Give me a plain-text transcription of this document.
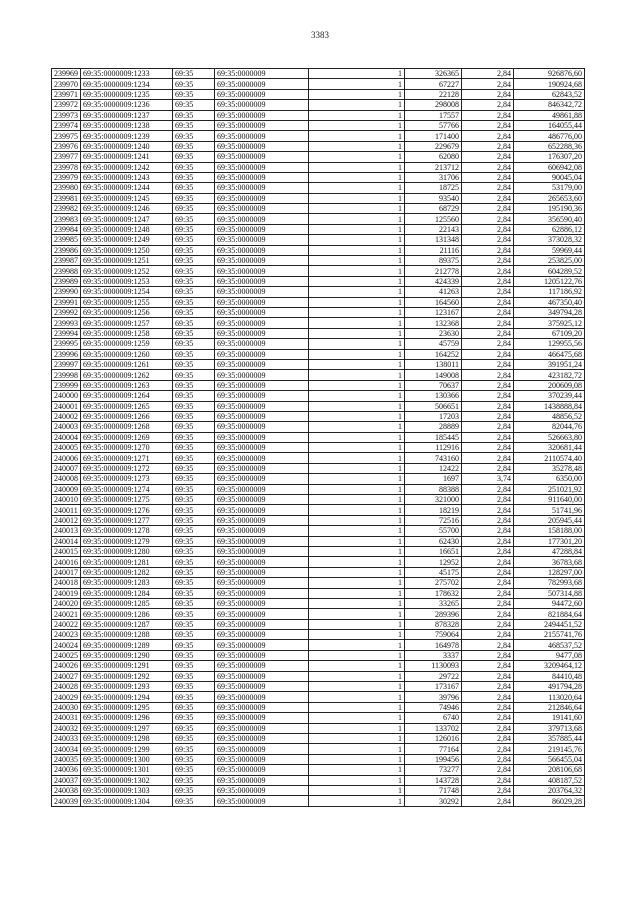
3383
239969	69:35:0000009:1233	69:35	69:35:0000009	1	326365	2,84	926876,60
239970	69:35:0000009:1234	69:35	69:35:0000009	1	67227	2,84	190924,68
239971	69:35:0000009:1235	69:35	69:35:0000009	1	22128	2,84	62843,52
239972	69:35:0000009:1236	69:35	69:35:0000009	1	298008	2,84	846342,72
239973	69:35:0000009:1237	69:35	69:35:0000009	1	17557	2,84	49861,88
239974	69:35:0000009:1238	69:35	69:35:0000009	1	57766	2,84	164055,44
239975	69:35:0000009:1239	69:35	69:35:0000009	1	171400	2,84	486776,00
239976	69:35:0000009:1240	69:35	69:35:0000009	1	229679	2,84	652288,36
239977	69:35:0000009:1241	69:35	69:35:0000009	1	62080	2,84	176307,20
239978	69:35:0000009:1242	69:35	69:35:0000009	1	213712	2,84	606942,08
239979	69:35:0000009:1243	69:35	69:35:0000009	1	31706	2,84	90045,04
239980	69:35:0000009:1244	69:35	69:35:0000009	1	18725	2,84	53179,00
239981	69:35:0000009:1245	69:35	69:35:0000009	1	93540	2,84	265653,60
239982	69:35:0000009:1246	69:35	69:35:0000009	1	68729	2,84	195190,36
239983	69:35:0000009:1247	69:35	69:35:0000009	1	125560	2,84	356590,40
239984	69:35:0000009:1248	69:35	69:35:0000009	1	22143	2,84	62886,12
239985	69:35:0000009:1249	69:35	69:35:0000009	1	131348	2,84	373028,32
239986	69:35:0000009:1250	69:35	69:35:0000009	1	21116	2,84	59969,44
239987	69:35:0000009:1251	69:35	69:35:0000009	1	89375	2,84	253825,00
239988	69:35:0000009:1252	69:35	69:35:0000009	1	212778	2,84	604289,52
239989	69:35:0000009:1253	69:35	69:35:0000009	1	424339	2,84	1205122,76
239990	69:35:0000009:1254	69:35	69:35:0000009	1	41263	2,84	117186,92
239991	69:35:0000009:1255	69:35	69:35:0000009	1	164560	2,84	467350,40
239992	69:35:0000009:1256	69:35	69:35:0000009	1	123167	2,84	349794,28
239993	69:35:0000009:1257	69:35	69:35:0000009	1	132368	2,84	375925,12
239994	69:35:0000009:1258	69:35	69:35:0000009	1	23630	2,84	67109,20
239995	69:35:0000009:1259	69:35	69:35:0000009	1	45759	2,84	129955,56
239996	69:35:0000009:1260	69:35	69:35:0000009	1	164252	2,84	466475,68
239997	69:35:0000009:1261	69:35	69:35:0000009	1	138011	2,84	391951,24
239998	69:35:0000009:1262	69:35	69:35:0000009	1	149008	2,84	423182,72
239999	69:35:0000009:1263	69:35	69:35:0000009	1	70637	2,84	200609,08
240000	69:35:0000009:1264	69:35	69:35:0000009	1	130366	2,84	370239,44
240001	69:35:0000009:1265	69:35	69:35:0000009	1	506651	2,84	1438888,84
240002	69:35:0000009:1266	69:35	69:35:0000009	1	17203	2,84	48856,52
240003	69:35:0000009:1268	69:35	69:35:0000009	1	28889	2,84	82044,76
240004	69:35:0000009:1269	69:35	69:35:0000009	1	185445	2,84	526663,80
240005	69:35:0000009:1270	69:35	69:35:0000009	1	112916	2,84	320681,44
240006	69:35:0000009:1271	69:35	69:35:0000009	1	743160	2,84	2110574,40
240007	69:35:0000009:1272	69:35	69:35:0000009	1	12422	2,84	35278,48
240008	69:35:0000009:1273	69:35	69:35:0000009	1	1697	3,74	6350,00
240009	69:35:0000009:1274	69:35	69:35:0000009	1	88388	2,84	251021,92
240010	69:35:0000009:1275	69:35	69:35:0000009	1	321000	2,84	911640,00
240011	69:35:0000009:1276	69:35	69:35:0000009	1	18219	2,84	51741,96
240012	69:35:0000009:1277	69:35	69:35:0000009	1	72516	2,84	205945,44
240013	69:35:0000009:1278	69:35	69:35:0000009	1	55700	2,84	158188,00
240014	69:35:0000009:1279	69:35	69:35:0000009	1	62430	2,84	177301,20
240015	69:35:0000009:1280	69:35	69:35:0000009	1	16651	2,84	47288,84
240016	69:35:0000009:1281	69:35	69:35:0000009	1	12952	2,84	36783,68
240017	69:35:0000009:1282	69:35	69:35:0000009	1	45175	2,84	128297,00
240018	69:35:0000009:1283	69:35	69:35:0000009	1	275702	2,84	782993,68
240019	69:35:0000009:1284	69:35	69:35:0000009	1	178632	2,84	507314,88
240020	69:35:0000009:1285	69:35	69:35:0000009	1	33265	2,84	94472,60
240021	69:35:0000009:1286	69:35	69:35:0000009	1	289396	2,84	821884,64
240022	69:35:0000009:1287	69:35	69:35:0000009	1	878328	2,84	2494451,52
240023	69:35:0000009:1288	69:35	69:35:0000009	1	759064	2,84	2155741,76
240024	69:35:0000009:1289	69:35	69:35:0000009	1	164978	2,84	468537,52
240025	69:35:0000009:1290	69:35	69:35:0000009	1	3337	2,84	9477,08
240026	69:35:0000009:1291	69:35	69:35:0000009	1	1130093	2,84	3209464,12
240027	69:35:0000009:1292	69:35	69:35:0000009	1	29722	2,84	84410,48
240028	69:35:0000009:1293	69:35	69:35:0000009	1	173167	2,84	491794,28
240029	69:35:0000009:1294	69:35	69:35:0000009	1	39796	2,84	113020,64
240030	69:35:0000009:1295	69:35	69:35:0000009	1	74946	2,84	212846,64
240031	69:35:0000009:1296	69:35	69:35:0000009	1	6740	2,84	19141,60
240032	69:35:0000009:1297	69:35	69:35:0000009	1	133702	2,84	379713,68
240033	69:35:0000009:1298	69:35	69:35:0000009	1	126016	2,84	357885,44
240034	69:35:0000009:1299	69:35	69:35:0000009	1	77164	2,84	219145,76
240035	69:35:0000009:1300	69:35	69:35:0000009	1	199456	2,84	566455,04
240036	69:35:0000009:1301	69:35	69:35:0000009	1	73277	2,84	208106,68
240037	69:35:0000009:1302	69:35	69:35:0000009	1	143728	2,84	408187,52
240038	69:35:0000009:1303	69:35	69:35:0000009	1	71748	2,84	203764,32
240039	69:35:0000009:1304	69:35	69:35:0000009	1	30292	2,84	86029,28
